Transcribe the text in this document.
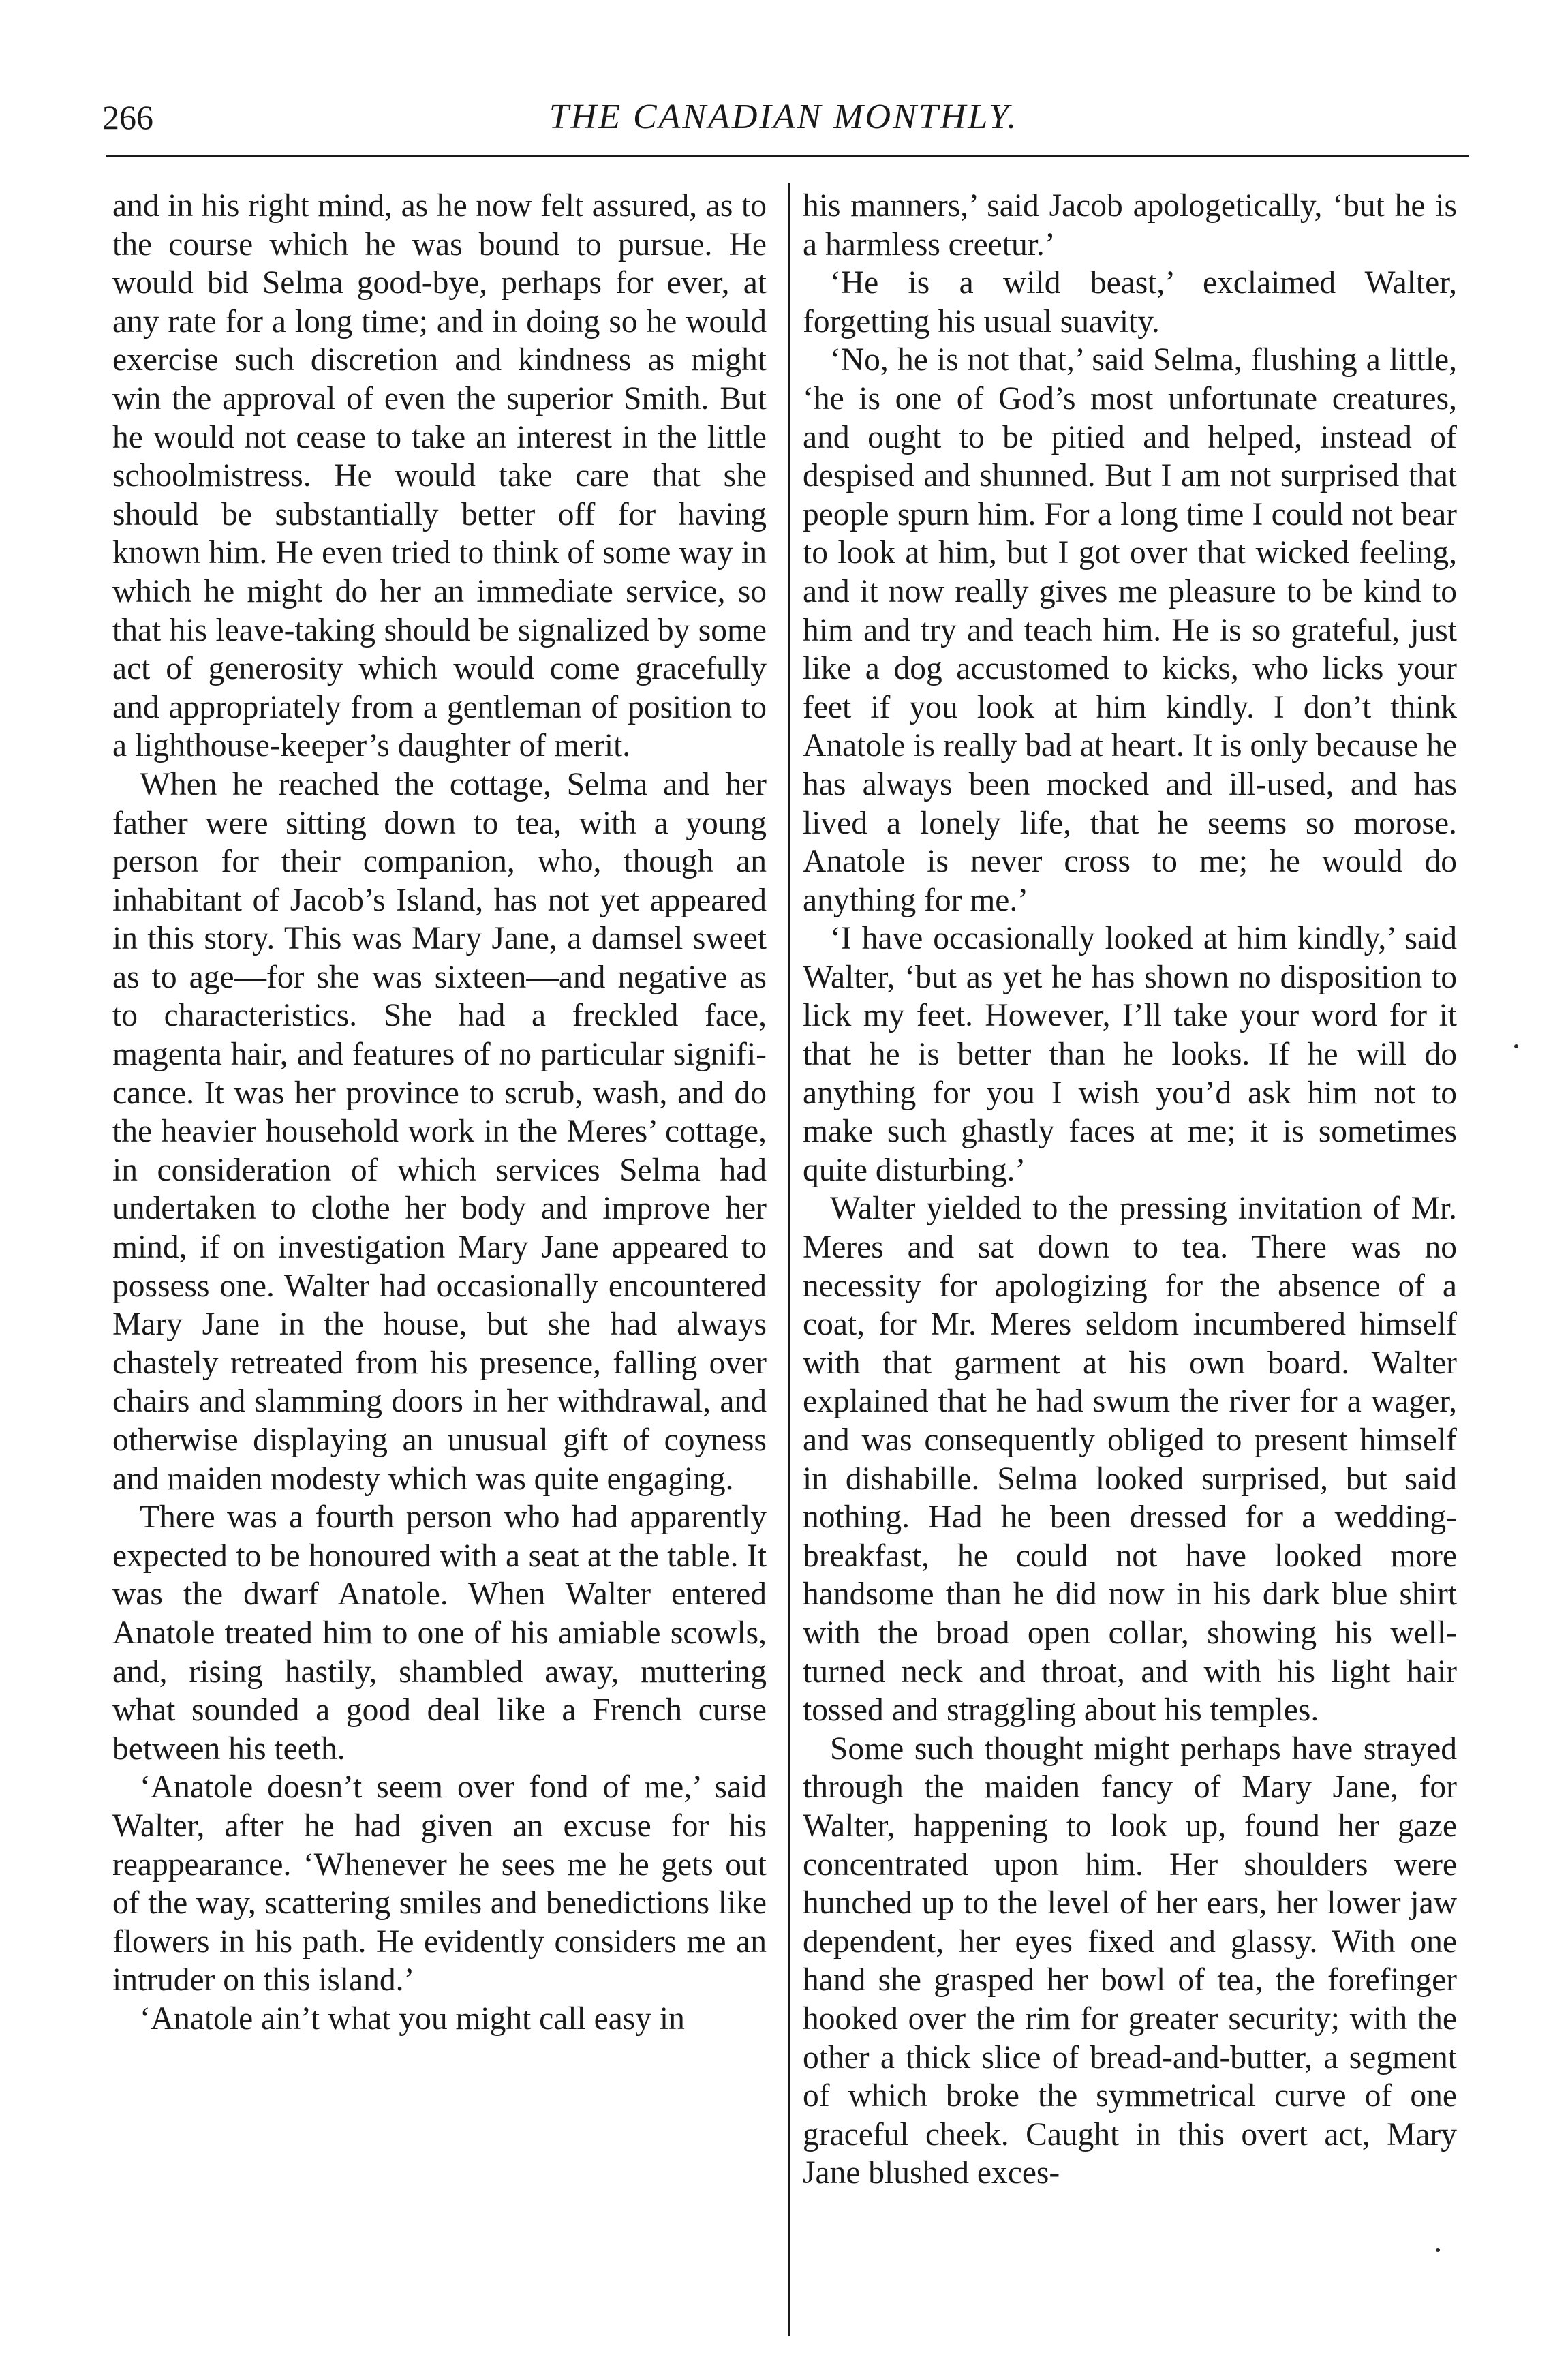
266	THE CANADIAN MONTHLY.

and in his right mind, as he now felt assured, as to the course which he was bound to pursue. He would bid Selma good-bye, perhaps for ever, at any rate for a long time; and in doing so he would exercise such discretion and kindness as might win the approval of even the superior Smith. But he would not cease to take an interest in the little schoolmistress. He would take care that she should be substantially better off for having known him. He even tried to think of some way in which he might do her an immediate service, so that his leave-taking should be signalized by some act of generosity which would come gracefully and appropriately from a gentleman of position to a lighthouse-keeper’s daughter of merit.

When he reached the cottage, Selma and her father were sitting down to tea, with a young person for their companion, who, though an inhabitant of Jacob’s Island, has not yet appeared in this story. This was Mary Jane, a damsel sweet as to age—for she was sixteen—and negative as to characteristics. She had a freckled face, magenta hair, and features of no particular significance. It was her province to scrub, wash, and do the heavier household work in the Meres’ cottage, in consideration of which services Selma had undertaken to clothe her body and improve her mind, if on investigation Mary Jane appeared to possess one. Walter had occasionally encountered Mary Jane in the house, but she had always chastely retreated from his presence, falling over chairs and slamming doors in her withdrawal, and otherwise displaying an unusual gift of coyness and maiden modesty which was quite engaging.

There was a fourth person who had apparently expected to be honoured with a seat at the table. It was the dwarf Anatole. When Walter entered Anatole treated him to one of his amiable scowls, and, rising hastily, shambled away, muttering what sounded a good deal like a French curse between his teeth.

‘Anatole doesn’t seem over fond of me,’ said Walter, after he had given an excuse for his reappearance. ‘Whenever he sees me he gets out of the way, scattering smiles and benedictions like flowers in his path. He evidently considers me an intruder on this island.’

‘Anatole ain’t what you might call easy in

his manners,’ said Jacob apologetically, ‘but he is a harmless creetur.’

‘He is a wild beast,’ exclaimed Walter, forgetting his usual suavity.

‘No, he is not that,’ said Selma, flushing a little, ‘he is one of God’s most unfortunate creatures, and ought to be pitied and helped, instead of despised and shunned. But I am not surprised that people spurn him. For a long time I could not bear to look at him, but I got over that wicked feeling, and it now really gives me pleasure to be kind to him and try and teach him. He is so grateful, just like a dog accustomed to kicks, who licks your feet if you look at him kindly. I don’t think Anatole is really bad at heart. It is only because he has always been mocked and ill-used, and has lived a lonely life, that he seems so morose. Anatole is never cross to me; he would do anything for me.’

‘I have occasionally looked at him kindly,’ said Walter, ‘but as yet he has shown no disposition to lick my feet. However, I’ll take your word for it that he is better than he looks. If he will do anything for you I wish you’d ask him not to make such ghastly faces at me; it is sometimes quite disturbing.’

Walter yielded to the pressing invitation of Mr. Meres and sat down to tea. There was no necessity for apologizing for the absence of a coat, for Mr. Meres seldom incumbered himself with that garment at his own board. Walter explained that he had swum the river for a wager, and was consequently obliged to present himself in dishabille. Selma looked surprised, but said nothing. Had he been dressed for a wedding-breakfast, he could not have looked more handsome than he did now in his dark blue shirt with the broad open collar, showing his well-turned neck and throat, and with his light hair tossed and straggling about his temples.

Some such thought might perhaps have strayed through the maiden fancy of Mary Jane, for Walter, happening to look up, found her gaze concentrated upon him. Her shoulders were hunched up to the level of her ears, her lower jaw dependent, her eyes fixed and glassy. With one hand she grasped her bowl of tea, the forefinger hooked over the rim for greater security; with the other a thick slice of bread-and-butter, a segment of which broke the symmetrical curve of one graceful cheek. Caught in this overt act, Mary Jane blushed exces-
